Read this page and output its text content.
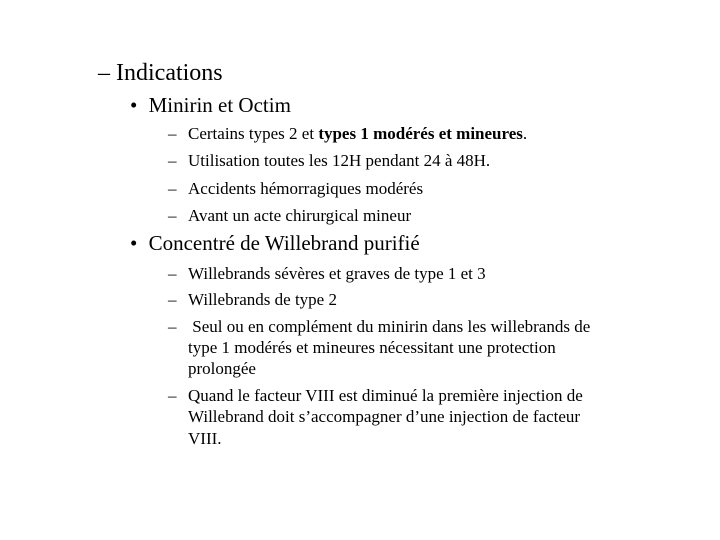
– Indications
• Minirin et Octim
– Certains types 2 et types 1 modérés et mineures.
– Utilisation toutes les 12H pendant 24 à 48H.
– Accidents hémorragiques modérés
– Avant un acte chirurgical mineur
• Concentré de Willebrand purifié
– Willebrands sévères et graves de type 1 et 3
– Willebrands de type 2
– Seul ou en complément du minirin dans les willebrands de
type 1 modérés et mineures nécessitant une protection
prolongée
– Quand le facteur VIII est diminué la première injection de
Willebrand doit s’accompagner d’une injection de facteur
VIII.
